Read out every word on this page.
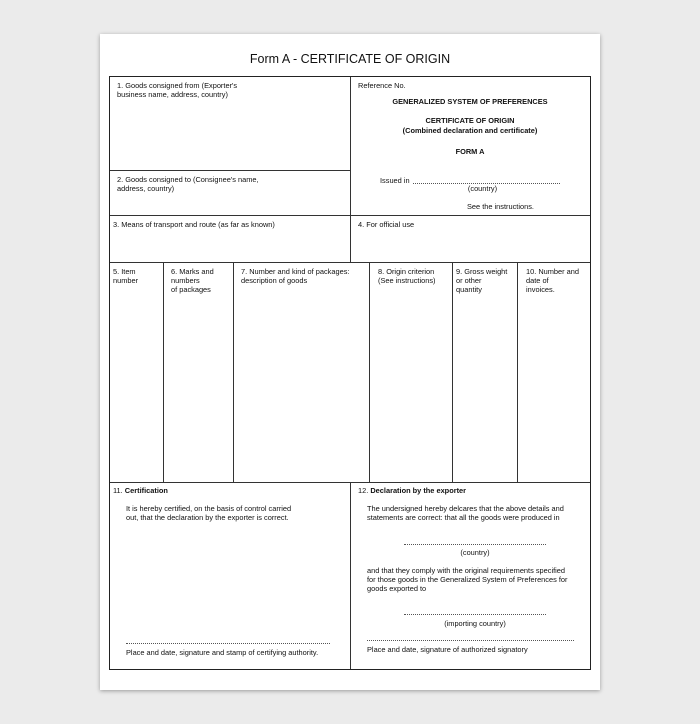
Form A - CERTIFICATE OF ORIGIN
1. Goods consigned from (Exporter's
business name, address, country)
2. Goods consigned to (Consignee's name,
address, country)
Reference No.
GENERALIZED SYSTEM OF PREFERENCES
CERTIFICATE OF ORIGIN
(Combined declaration and certificate)
FORM A
Issued in
(country)
See the instructions.
3. Means of transport and route (as far as known)	4. For official use
5. Item
number
6. Marks and
numbers
of packages
7. Number and kind of packages:
description of goods
8. Origin criterion
(See instructions)
9. Gross weight
or other
quantity
10. Number and
date of
invoices.
11. Certification
It is hereby certified, on the basis of control carried
out, that the declaration by the exporter is correct.
Place and date, signature and stamp of certifying authority.
12. Declaration by the exporter
The undersigned hereby delcares that the above details and
statements are correct: that all the goods were produced in
(country)
and that they comply with the original requirements specified
for those goods in the Generalized System of Preferences for
goods exported to
(importing country)
Place and date, signature of authorized signatory
